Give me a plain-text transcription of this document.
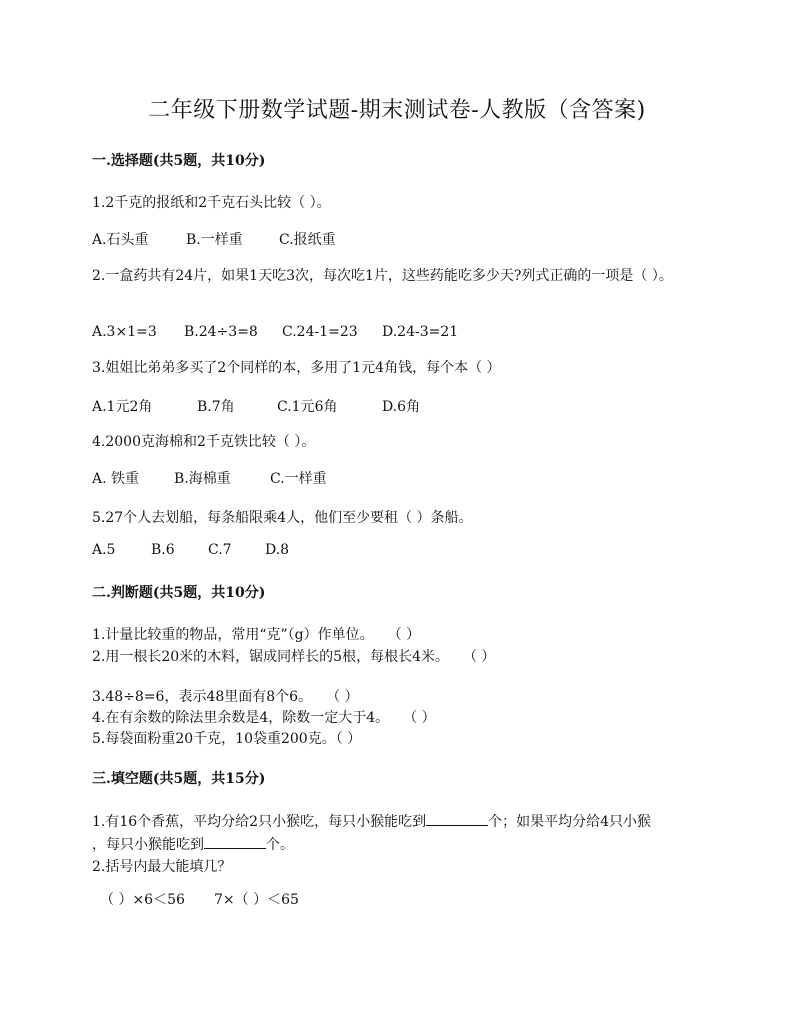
二年级下册数学试题-期末测试卷-人教版（含答案)
一.选择题(共5题，共10分)
1.2千克的报纸和2千克石头比较（ ）。
A.石头重	B.一样重	C.报纸重
2.一盒药共有24片，如果1天吃3次，每次吃1片，这些药能吃多少天?列式正确的一项是（ ）。
A.3×1=3 B.24÷3=8 C.24-1=23 D.24-3=21
3.姐姐比弟弟多买了2个同样的本，多用了1元4角钱，每个本（ ）
A.1元2角	B.7角	C.1元6角	D.6角
4.2000克海棉和2千克铁比较（ ）。
A. 铁重 B.海棉重	C.一样重
5.27个人去划船，每条船限乘4人，他们至少要租（ ）条船。
A.5	B.6 C.7 D.8
二.判断题(共5题，共10分)
1.计量比较重的物品，常用“克”（g）作单位。　　（ ）
2.用一根长20米的木料，锯成同样长的5根，每根长4米。　　（ ）
3.48÷8=6，表示48里面有8个6。　　（ ）
4.在有余数的除法里余数是4，除数一定大于4。　　（ ）
5.每袋面粉重20千克，10袋重200克。（ ）
三.填空题(共5题，共15分)
1.有16个香蕉，平均分给2只小猴吃，每只小猴能吃到	个；如果平均分给4只小猴
，每只小猴能吃到	个。
2.括号内最大能填几？
（ ）×6＜56 7×（ ）＜65
